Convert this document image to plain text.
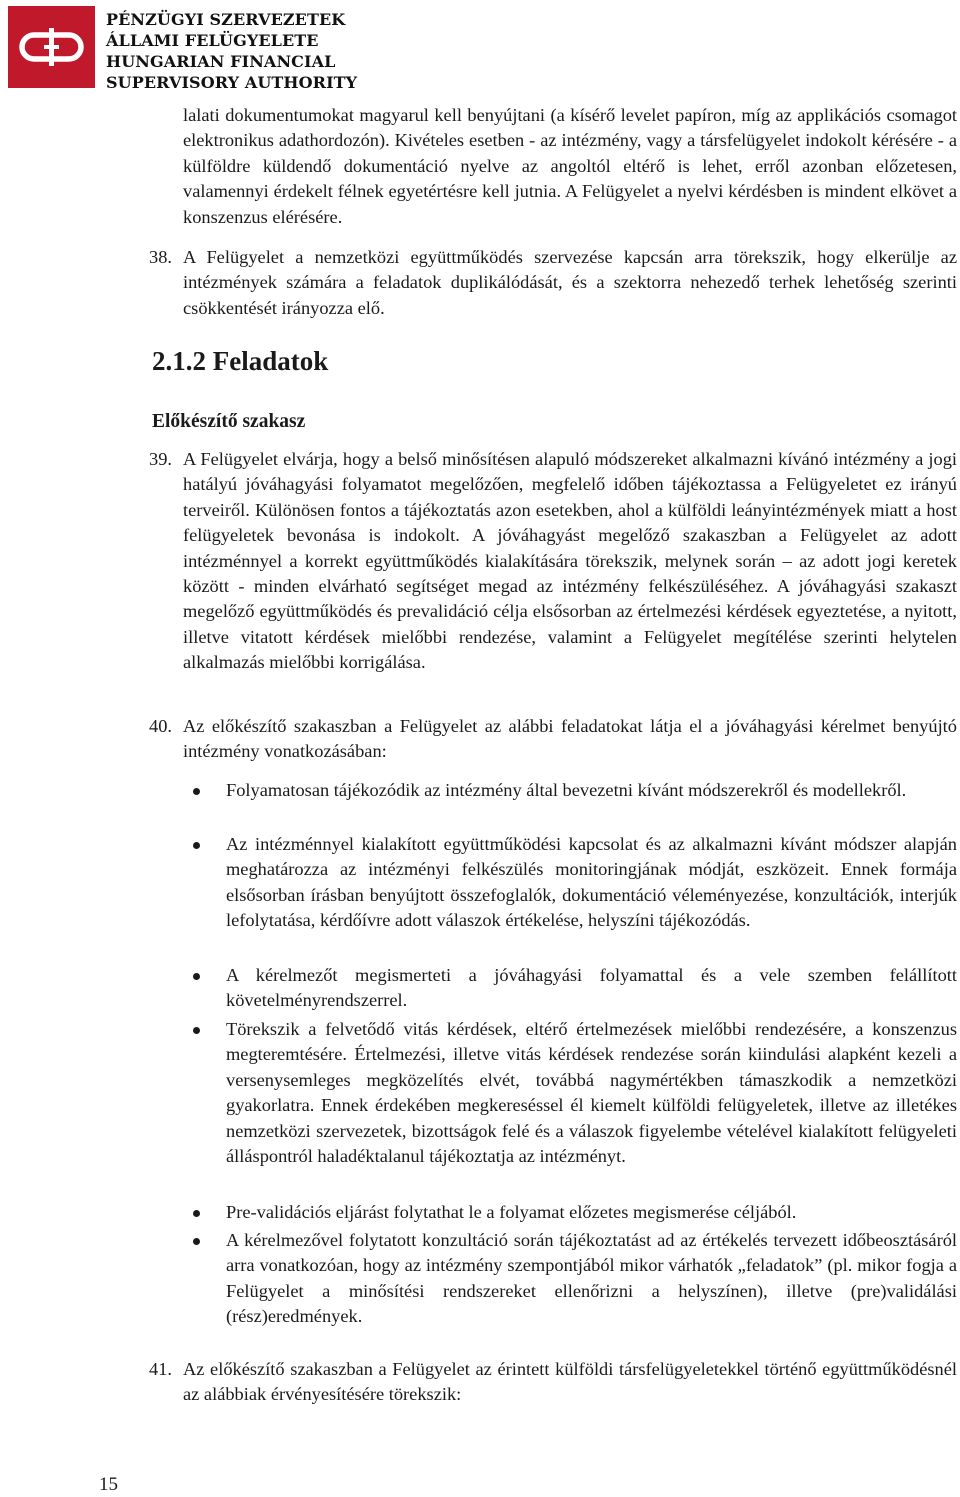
PÉNZÜGYI SZERVEZETEK
ÁLLAMI FELÜGYELETE
HUNGARIAN FINANCIAL
SUPERVISORY AUTHORITY
lalati dokumentumokat magyarul kell benyújtani (a kísérő levelet papíron, míg az applikációs csomagot elektronikus adathordozón). Kivételes esetben - az intézmény, vagy a társfelügyelet indokolt kérésére - a külföldre küldendő dokumentáció nyelve az angoltól eltérő is lehet, erről azonban előzetesen, valamennyi érdekelt félnek egyetértésre kell jutnia. A Felügyelet a nyelvi kérdésben is mindent elkövet a konszenzus elérésére.
38. A Felügyelet a nemzetközi együttműködés szervezése kapcsán arra törekszik, hogy elkerülje az intézmények számára a feladatok duplikálódását, és a szektorra nehezedő terhek lehetőség szerinti csökkentését irányozza elő.
2.1.2 Feladatok
Előkészítő szakasz
39. A Felügyelet elvárja, hogy a belső minősítésen alapuló módszereket alkalmazni kívánó intézmény a jogi hatályú jóváhagyási folyamatot megelőzően, megfelelő időben tájékoztassa a Felügyeletet ez irányú terveiről. Különösen fontos a tájékoztatás azon esetekben, ahol a külföldi leányintézmények miatt a host felügyeletek bevonása is indokolt. A jóváhagyást megelőző szakaszban a Felügyelet az adott intézménnyel a korrekt együttműködés kialakítására törekszik, melynek során – az adott jogi keretek között - minden elvárható segítséget megad az intézmény felkészüléséhez. A jóváhagyási szakaszt megelőző együttműködés és prevalidáció célja elsősorban az értelmezési kérdések egyeztetése, a nyitott, illetve vitatott kérdések mielőbbi rendezése, valamint a Felügyelet megítélése szerinti helytelen alkalmazás mielőbbi korrigálása.
40. Az előkészítő szakaszban a Felügyelet az alábbi feladatokat látja el a jóváhagyási kérelmet benyújtó intézmény vonatkozásában:
Folyamatosan tájékozódik az intézmény által bevezetni kívánt módszerekről és modellekről.
Az intézménnyel kialakított együttműködési kapcsolat és az alkalmazni kívánt módszer alapján meghatározza az intézményi felkészülés monitoringjának módját, eszközeit. Ennek formája elsősorban írásban benyújtott összefoglalók, dokumentáció véleményezése, konzultációk, interjúk lefolytatása, kérdőívre adott válaszok értékelése, helyszíni tájékozódás.
A kérelmezőt megismerteti a jóváhagyási folyamattal és a vele szemben felállított követelményrendszerrel.
Törekszik a felvetődő vitás kérdések, eltérő értelmezések mielőbbi rendezésére, a konszenzus megteremtésére. Értelmezési, illetve vitás kérdések rendezése során kiindulási alapként kezeli a versenysemleges megközelítés elvét, továbbá nagymértékben támaszkodik a nemzetközi gyakorlatra. Ennek érdekében megkereséssel él kiemelt külföldi felügyeletek, illetve az illetékes nemzetközi szervezetek, bizottságok felé és a válaszok figyelembe vételével kialakított felügyeleti álláspontról haladéktalanul tájékoztatja az intézményt.
Pre-validációs eljárást folytathat le a folyamat előzetes megismerése céljából.
A kérelmezővel folytatott konzultáció során tájékoztatást ad az értékelés tervezett időbeosztásáról arra vonatkozóan, hogy az intézmény szempontjából mikor várhatók „feladatok” (pl. mikor fogja a Felügyelet a minősítési rendszereket ellenőrizni a helyszínen), illetve (pre)validálási (rész)eredmények.
41. Az előkészítő szakaszban a Felügyelet az érintett külföldi társfelügyeletekkel történő együttműködésnél az alábbiak érvényesítésére törekszik:
15
